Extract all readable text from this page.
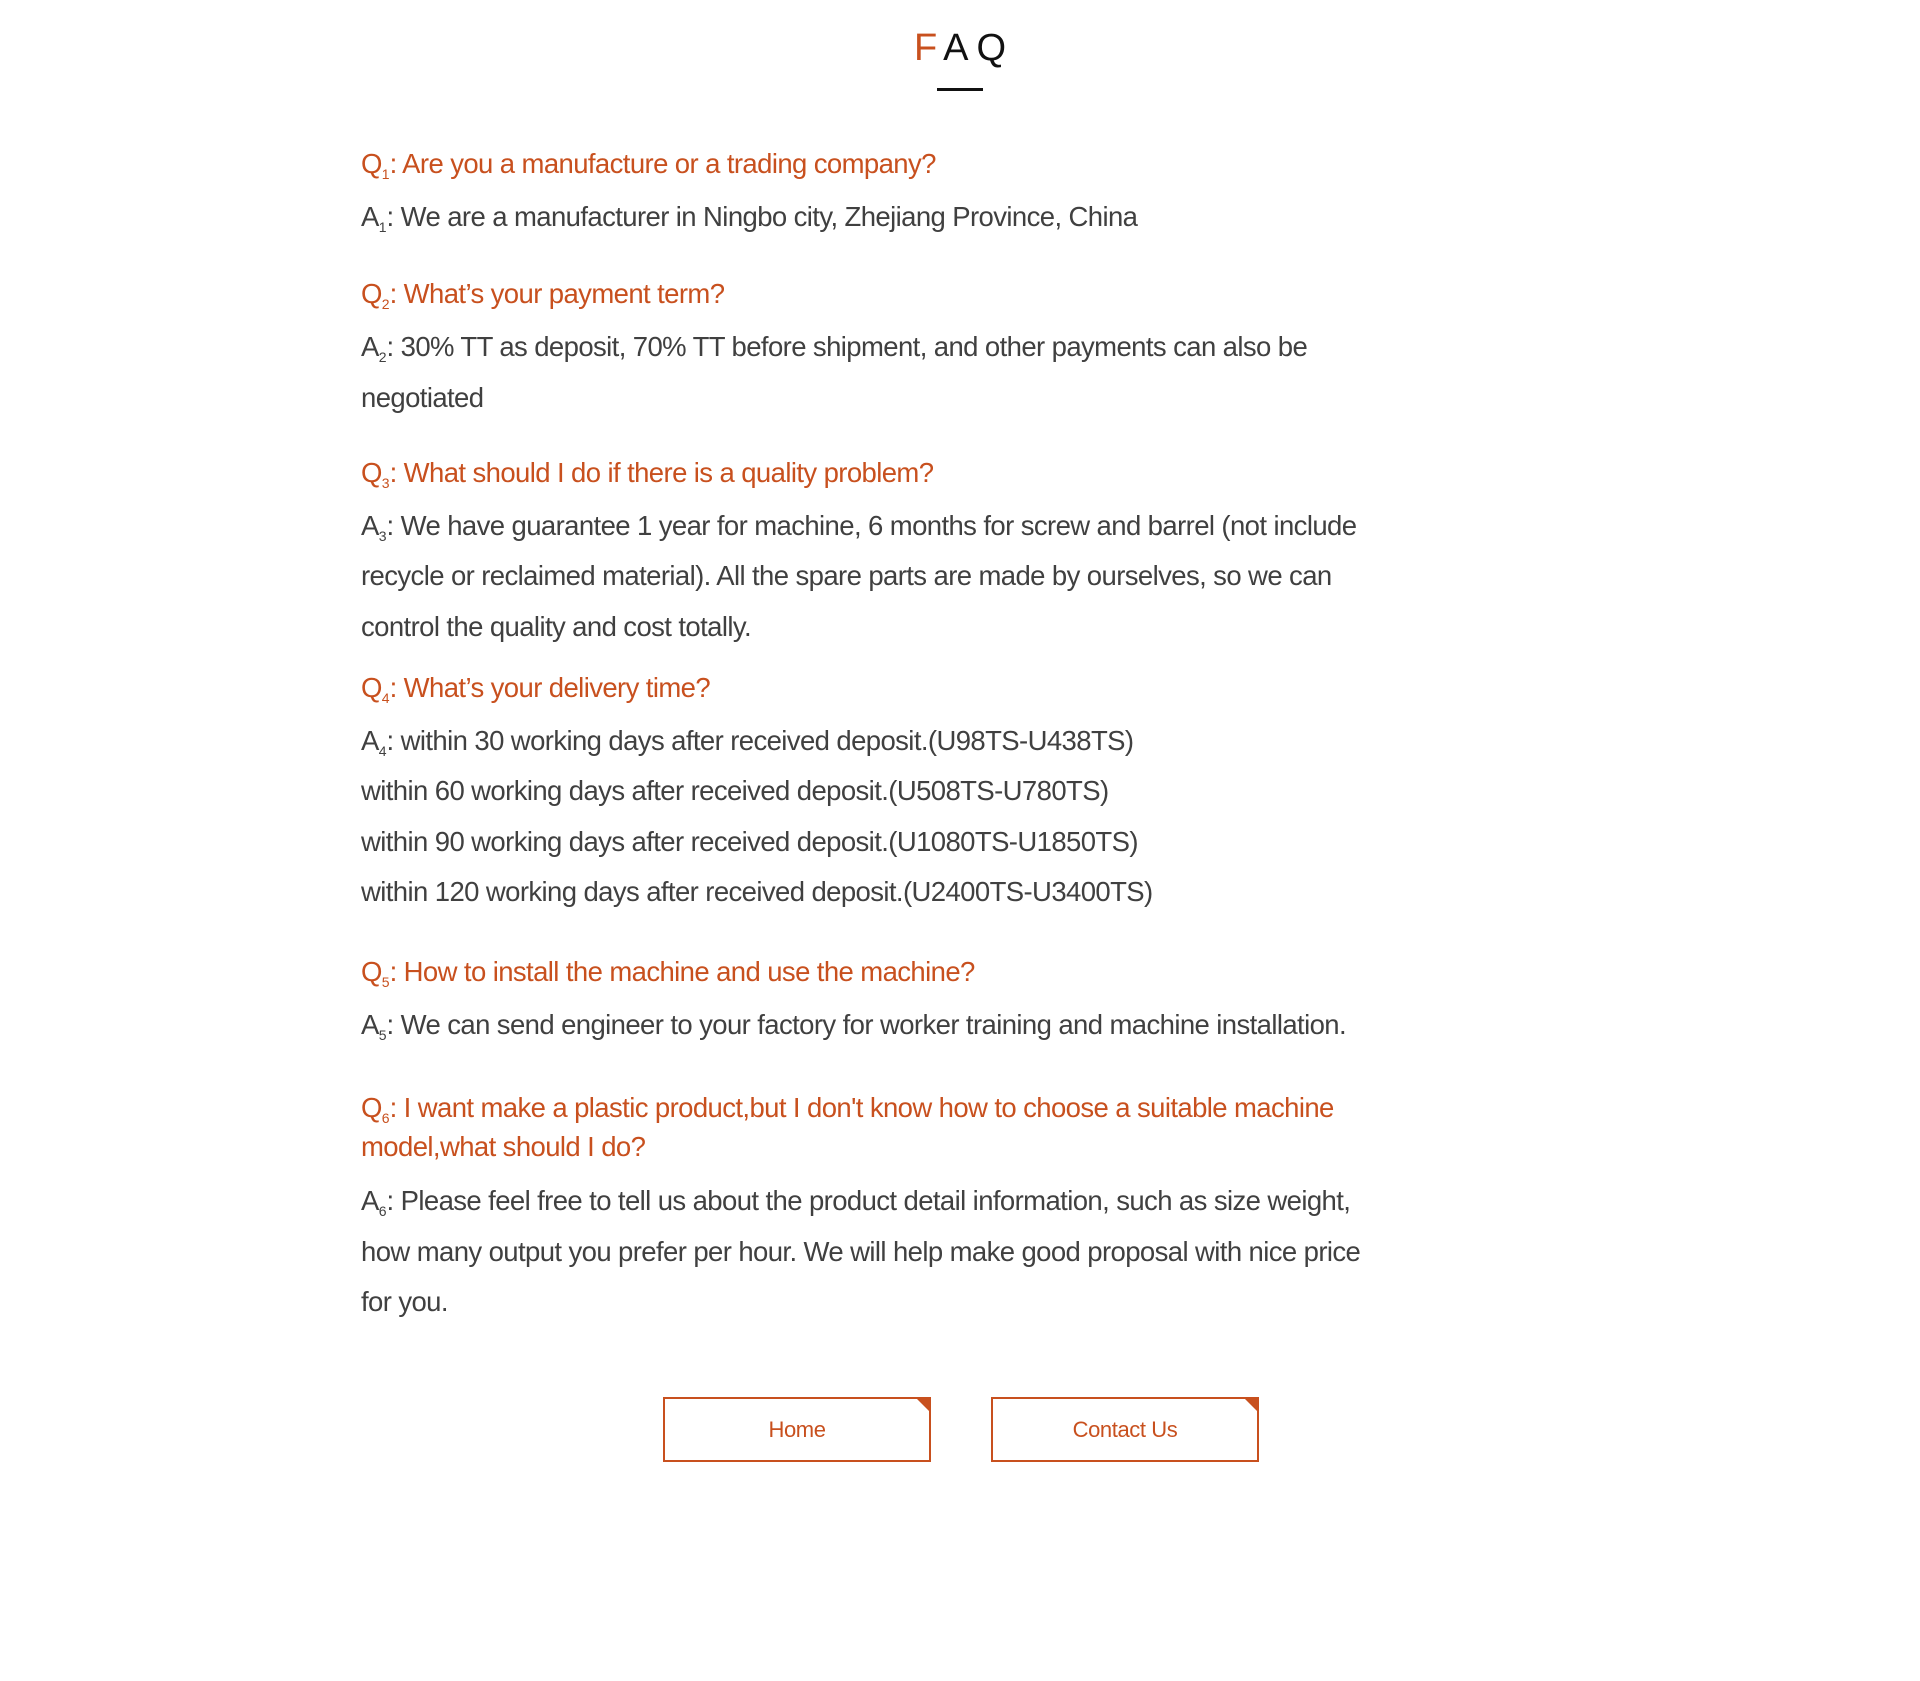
FAQ
$Q_1$: Are you a manufacture or a trading company?
$A_1$: We are a manufacturer in Ningbo city, Zhejiang Province, China
$Q_2$: What’s your payment term?
$A_2$: 30% TT as deposit, 70% TT before shipment, and other payments can also be
negotiated
$Q_3$: What should I do if there is a quality problem?
$A_3$: We have guarantee 1 year for machine, 6 months for screw and barrel (not include
recycle or reclaimed material). All the spare parts are made by ourselves, so we can
control the quality and cost totally.
$Q_4$: What’s your delivery time?
$A_4$: within 30 working days after received deposit.(U98TS-U438TS)
within 60 working days after received deposit.(U508TS-U780TS)
within 90 working days after received deposit.(U1080TS-U1850TS)
within 120 working days after received deposit.(U2400TS-U3400TS)
$Q_5$: How to install the machine and use the machine?
$A_5$: We can send engineer to your factory for worker training and machine installation.
$Q_6$: I want make a plastic product,but I don't know how to choose a suitable machine
model,what should I do?
$A_6$: Please feel free to tell us about the product detail information, such as size weight,
how many output you prefer per hour. We will help make good proposal with nice price
for you.
Home	Contact Us
